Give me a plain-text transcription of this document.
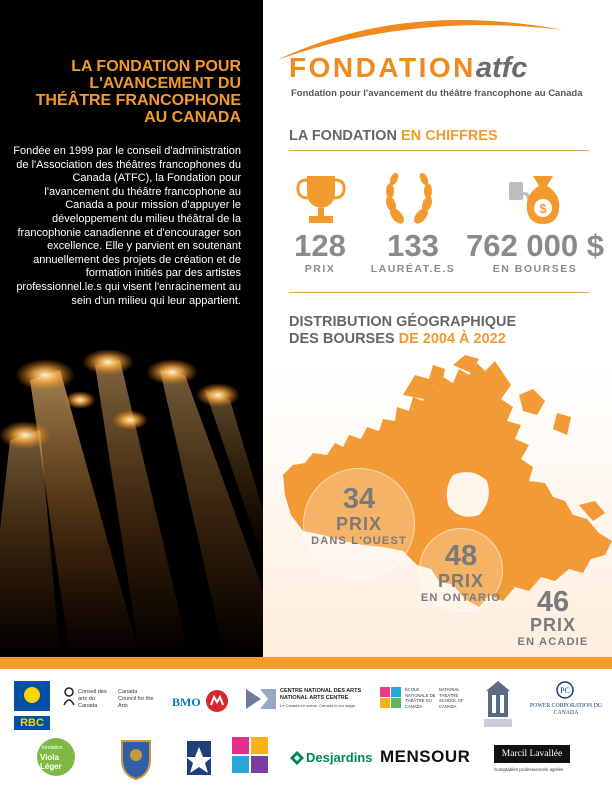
LA FONDATION POUR L'AVANCEMENT DU THÉÂTRE FRANCOPHONE AU CANADA
Fondée en 1999 par le conseil d'administration de l'Association des théâtres francophones du Canada (ATFC), la Fondation pour l'avancement du théâtre francophone au Canada a pour mission d'appuyer le développement du milieu théâtral de la francophonie canadienne et d'encourager son excellence. Elle y parvient en soutenant annuellement des projets de création et de formation initiés par des artistes professionnel.le.s qui visent l'enracinement au sein d'un milieu qui leur appartient.
FONDATIONatfc
Fondation pour l'avancement du théâtre francophone au Canada
LA FONDATION EN CHIFFRES
$
128
PRIX
133
LAURÉAT.E.S
762 000 $
EN BOURSES
DISTRIBUTION GÉOGRAPHIQUE
DES BOURSES DE 2004 À 2022
34
PRIX
DANS L'OUEST	48
PRIX
EN ONTARIO	46
PRIX
EN ACADIE
RBC
Conseil des arts du Canada
Canada Council for the Arts	BMO
CENTRE NATIONAL DES ARTS NATIONAL ARTS CENTRE
Le Canada en scène. Canada is our stage.
ÉCOLE NATIONALE DE THÉÂTRE DU CANADA
NATIONAL THEATRE SCHOOL OF CANADA
PC
POWER CORPORATION DU CANADA
fondation
Viola Léger
Desjardins MENSOUR	Marcil Lavallée
Comptables professionnels agréés
